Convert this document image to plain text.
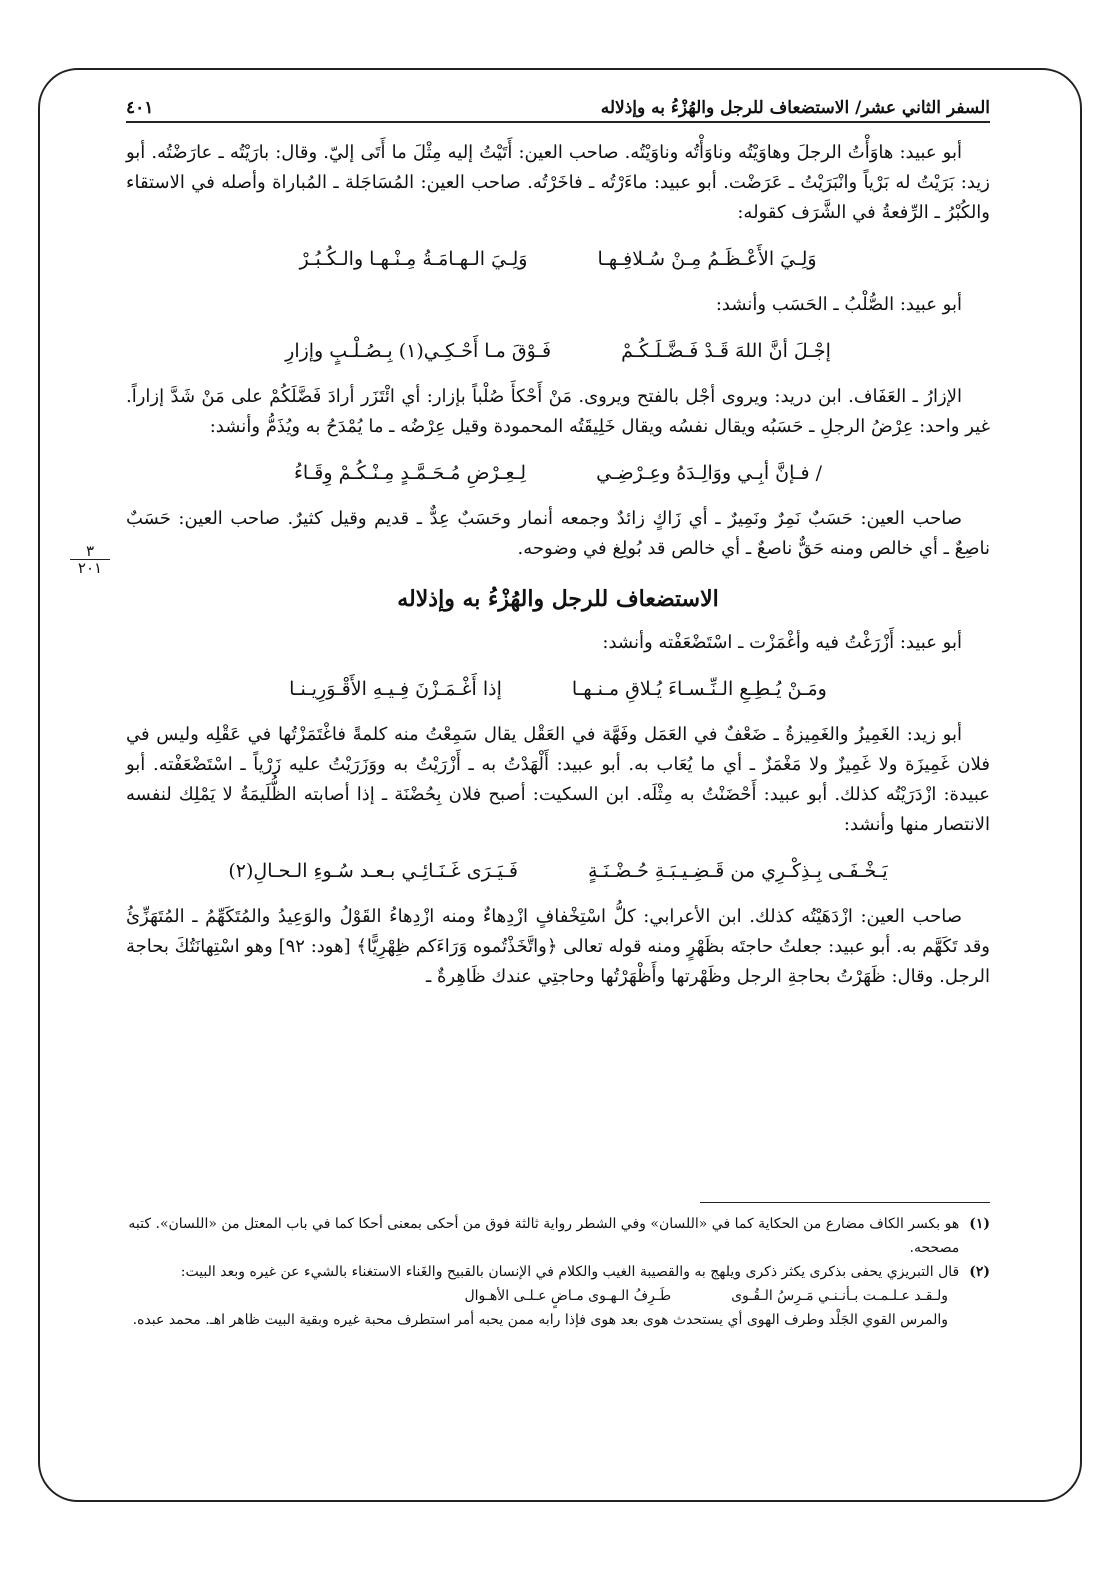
السفر الثاني عشر/ الاستضعاف للرجل والهُزْءُ به وإذلاله
٤٠١
٣
٢٠١

أبو عبيد: هاوَأْتُ الرجلَ وهاوَيْتُه وناوَأْتُه وناوَيْتُه. صاحب العين: أَتَيْتُ إليه مِثْلَ ما أَتَى إليّ. وقال: بارَيْتُه ـ عارَضْتُه. أبو زيد: بَرَيْتُ له بَرْياً وانْبَرَيْتُ ـ عَرَضْت. أبو عبيد: ماءَرْتُه ـ فاخَرْتُه. صاحب العين: المُسَاجَلة ـ المُباراة وأصله في الاستقاء والكُبْرُ ـ الرِّفعةُ في الشَّرَف كقوله:

وَلِـيَ الأَعْـظَـمُ مِـنْ سُـلافِـهـا
وَلِـيَ الـهـامَـةُ مِـنْـهـا والـكُـبُـرْ

أبو عبيد: الصُّلْبُ ـ الحَسَب وأنشد:

إجْـلَ أنَّ اللهَ قَـدْ فَـضَّـلَـكُـمْ
فَـوْقَ مـا أَحْـكِـي(١) بِـصُـلْـبٍ وإزارِ

الإزارُ ـ العَفَاف. ابن دريد: ويروى أجْل بالفتح ويروى. مَنْ أَحْكأَ صُلْباً بإزار: أي ائْتَزَر أرادَ فَضَّلَكُمْ على مَنْ شَدَّ إزاراً. غير واحد: عِرْضُ الرجلِ ـ حَسَبُه ويقال نفسُه ويقال خَلِيقَتُه المحمودة وقيل عِرْضُه ـ ما يُمْدَحُ به ويُذَمُّ وأنشد:

/ فـإنَّ أبِـي ووَالِـدَهُ وعِـرْضِـي
لِـعِـرْضِ مُـحَـمَّـدٍ مِـنْـكُـمْ وِقَـاءُ

صاحب العين: حَسَبٌ نَمِرٌ ونَمِيرٌ ـ أي زَاكٍ زائدٌ وجمعه أنمار وحَسَبٌ عِدٌّ ـ قديم وقيل كثيرٌ. صاحب العين: حَسَبٌ ناصِعٌ ـ أي خالص ومنه حَقٌّ ناصعٌ ـ أي خالص قد بُولِغ في وضوحه.

الاستضعاف للرجل والهُزْءُ به وإذلاله

أبو عبيد: أَزْرَغْتُ فيه وأغْمَزْت ـ اسْتَضْعَفْته وأنشد:

ومَـنْ يُـطِـعِ الـنِّـسـاءَ يُـلاقِ مـنـهـا
إذا أَغْـمَـزْنَ فِـيـهِ الأَقْـوَرِيـنـا

أبو زيد: الغَمِيزُ والغَمِيزةُ ـ ضَعْفٌ في العَمَل وفَهَّة في العَقْل يقال سَمِعْتُ منه كلمةً فاغْتَمَزْتُها في عَقْلِه وليس في فلان غَمِيزَة ولا غَمِيزٌ ولا مَغْمَزٌ ـ أي ما يُعَاب به. أبو عبيد: أَلْهَدْتُ به ـ أَزْرَيْتُ به ووَزَرَيْتُ عليه زَرْياً ـ اسْتَضْعَفْته. أبو عبيدة: ازْدَرَيْتُه كذلك. أبو عبيد: أَحْضَنْتُ به مِثْلَه. ابن السكيت: أصبح فلان بِحُضْنَة ـ إذا أصابته الظُّلَيمَةُ لا يَمْلِك لنفسه الانتصار منها وأنشد:

يَـخْـفَـى بِـذِكْـرِي من قَـضِـيـبَـةِ حُـضْـنَـةٍ
فَـيَـرَى غَـنَـائِـي بـعـد سُـوءِ الـحـالِ(٢)

صاحب العين: ازْدَهَيْتُه كذلك. ابن الأعرابي: كلُّ اسْتِخْفافٍ ازْدِهاءٌ ومنه ازْدِهاءُ القَوْلُ والوَعِيدُ والمُتَكَهِّمُ ـ المُتَهَزِّئُ وقد تَكَهَّم به. أبو عبيد: جعلتُ حاجتَه بظَهْرٍ ومنه قوله تعالى ﴿واتَّخَذْتُموه وَرَاءَكم ظِهْرِيًّا﴾ [هود: ٩٢] وهو اسْتِهانَتُكَ بحاجة الرجل. وقال: ظَهَرْتُ بحاجةِ الرجل وظَهْرتها وأَظْهَرْتُها وحاجتِي عندك ظَاهِرةٌ ـ

(١)
هو بكسر الكاف مضارع من الحكاية كما في «اللسان» وفي الشطر رواية ثالثة فوق من أحكى بمعنى أحكا كما في باب المعتل من «اللسان». كتبه مصححه.
(٢)
قال التبريزي يحفى بذكرى يكثر ذكرى ويلهج به والقصيبة الغيب والكلام في الإنسان بالقبيح والغَناء الاستغناء بالشيء عن غيره وبعد البيت:
ولـقـد عـلـمـت بـأنـنـي مَـرِسُ الـقُـوى
طَـرِفُ الـهـوى مـاضٍ عـلـى الأهـوال
والمرس القوي الجَلْد وطرف الهوى أي يستحدث هوى بعد هوى فإذا رابه ممن يحبه أمر استطرف محبة غيره وبقية البيت ظاهر اهـ. محمد عبده.
